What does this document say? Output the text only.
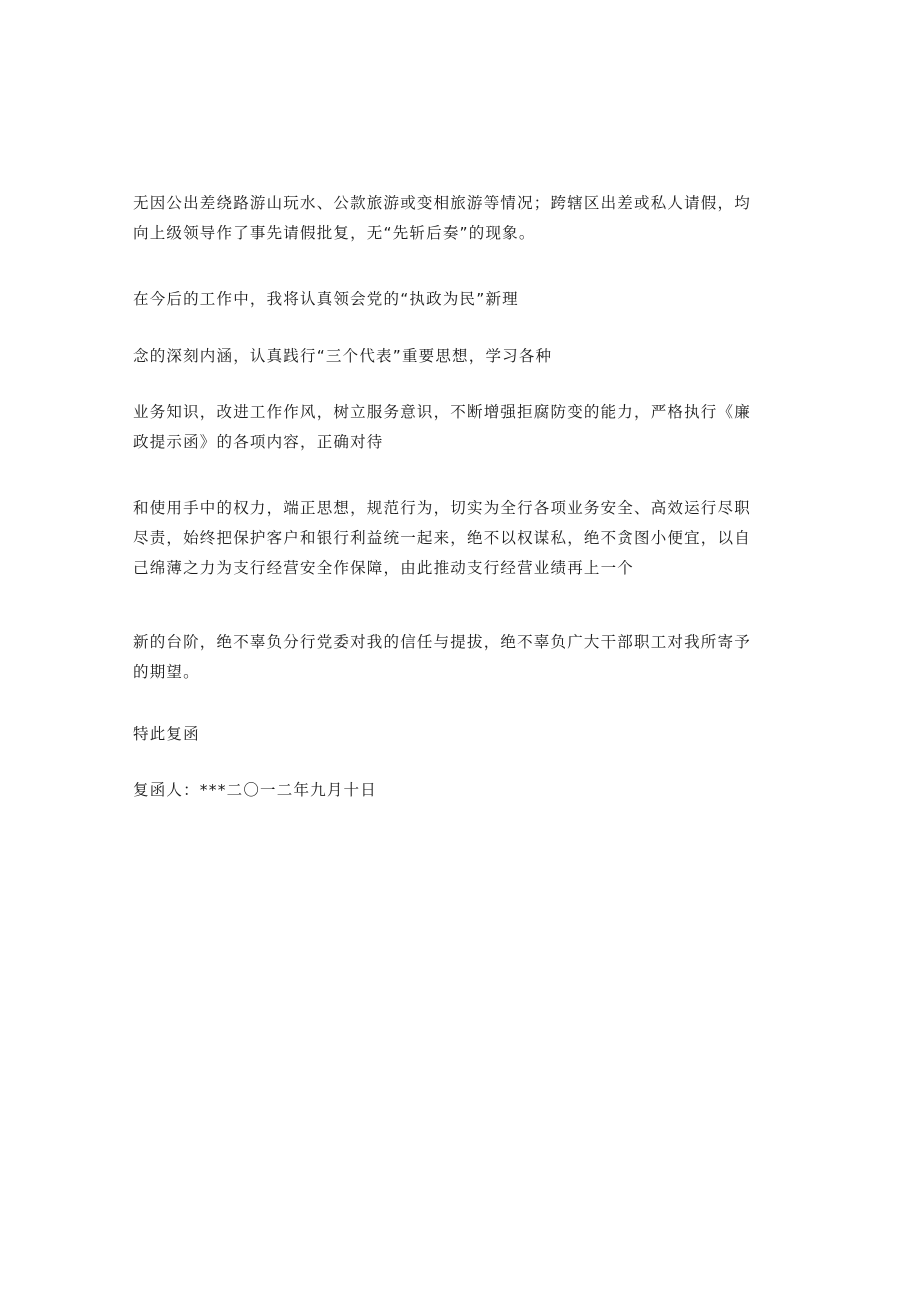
无因公出差绕路游山玩水、公款旅游或变相旅游等情况；跨辖区出差或私人请假，均
向上级领导作了事先请假批复，无“先斩后奏”的现象。

在今后的工作中，我将认真领会党的“执政为民”新理

念的深刻内涵，认真践行“三个代表”重要思想，学习各种

业务知识，改进工作作风，树立服务意识，不断增强拒腐防变的能力，严格执行《廉
政提示函》的各项内容，正确对待

和使用手中的权力，端正思想，规范行为，切实为全行各项业务安全、高效运行尽职
尽责，始终把保护客户和银行利益统一起来，绝不以权谋私，绝不贪图小便宜，以自
己绵薄之力为支行经营安全作保障，由此推动支行经营业绩再上一个

新的台阶，绝不辜负分行党委对我的信任与提拔，绝不辜负广大干部职工对我所寄予
的期望。

特此复函

复函人：***二〇一二年九月十日
